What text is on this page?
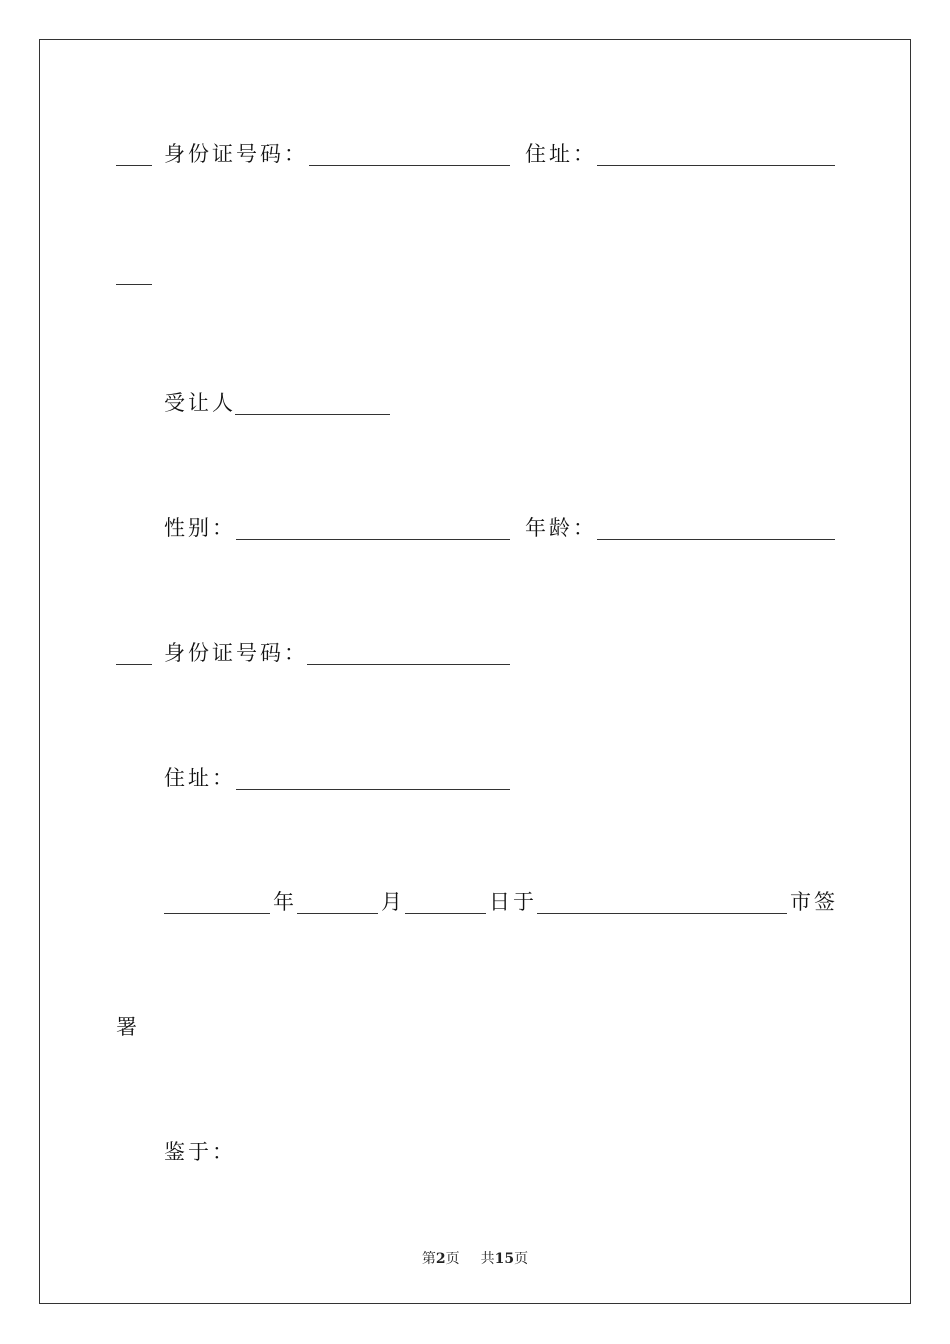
身份证号码：	住址：
受让人
性别：	年龄：
身份证号码：
住址：
年	月	日于	市签
署
鉴于：
第2页 共15页
